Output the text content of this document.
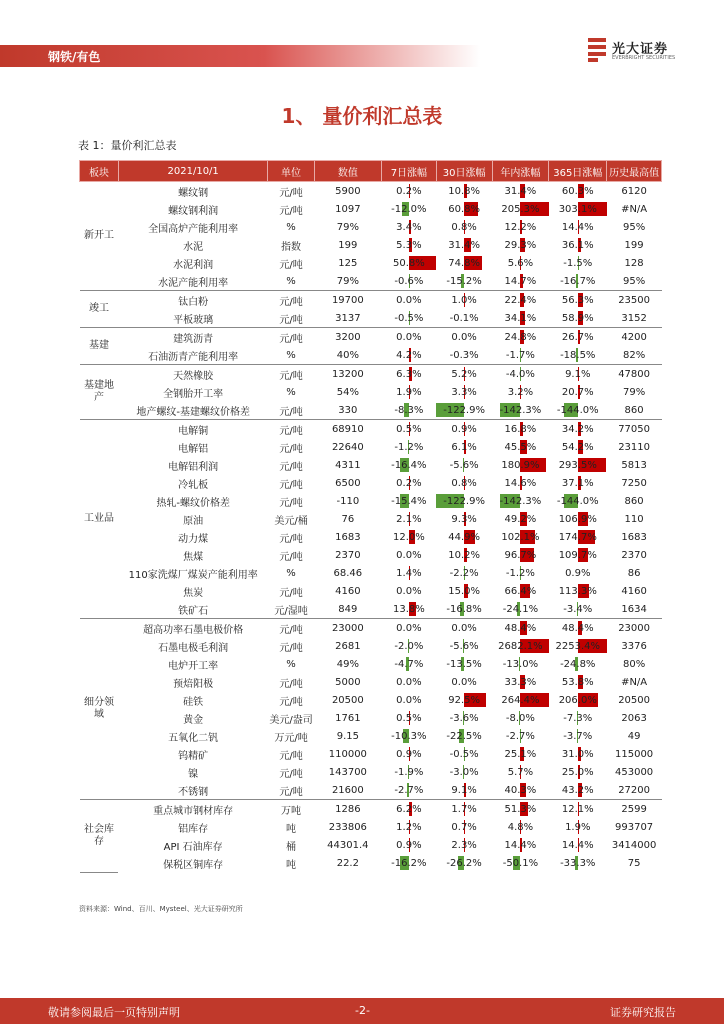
钢铁/有色	光大证券
EVERBRIGHT SECURITIES
1、 量价利汇总表
表 1：量价利汇总表
板块	2021/10/1	单位	数值	7日涨幅	30日涨幅	年内涨幅	365日涨幅	历史最高值
新开工	螺纹钢	元/吨	5900	0.2%	10.8%	31.4%	60.3%	6120
	螺纹钢利润	元/吨	1097	-12.0%	60.8%	205.3%	303.1%	#N/A
	全国高炉产能利用率	%	79%	3.4%	0.8%	12.2%	14.4%	95%
	水泥	指数	199	5.3%	31.4%	29.3%	36.1%	199
	水泥利润	元/吨	125	50.8%	74.8%	5.6%	-1.5%	128
	水泥产能利用率	%	79%	-0.6%	-15.2%	14.7%	-16.7%	95%
竣工	钛白粉	元/吨	19700	0.0%	1.0%	22.4%	56.3%	23500
	平板玻璃	元/吨	3137	-0.5%	-0.1%	34.1%	58.9%	3152
基建	建筑沥青	元/吨	3200	0.0%	0.0%	24.8%	26.7%	4200
	石油沥青产能利用率	%	40%	4.2%	-0.3%	-1.7%	-18.5%	82%
基建地产	天然橡胶	元/吨	13200	6.3%	5.2%	-4.0%	9.1%	47800
	全钢胎开工率	%	54%	1.9%	3.3%	3.2%	20.7%	79%
	地产螺纹-基建螺纹价格差	元/吨	330	-8.3%	-122.9%	-142.3%	-144.0%	860
工业品	电解铜	元/吨	68910	0.5%	0.9%	16.8%	34.2%	77050
	电解铝	元/吨	22640	-1.2%	6.1%	45.5%	54.2%	23110
	电解铝利润	元/吨	4311	-16.4%	-5.6%	180.9%	293.5%	5813
	冷轧板	元/吨	6500	0.2%	0.8%	14.6%	37.1%	7250
	热轧-螺纹价格差	元/吨	-110	-15.4%	-122.9%	-142.3%	-144.0%	860
	原油	美元/桶	76	2.1%	9.3%	49.2%	106.9%	110
	动力煤	元/吨	1683	12.0%	44.9%	102.1%	174.7%	1683
	焦煤	元/吨	2370	0.0%	10.2%	96.7%	109.7%	2370
	110家洗煤厂煤炭产能利用率	%	68.46	1.4%	-2.2%	-1.2%	0.9%	86
	焦炭	元/吨	4160	0.0%	15.0%	66.4%	113.3%	4160
	铁矿石	元/湿吨	849	13.8%	-16.8%	-24.1%	-3.4%	1634
细分领域	超高功率石墨电极价格	元/吨	23000	0.0%	0.0%	48.4%	48.4%	23000
	石墨电极毛利润	元/吨	2681	-2.0%	-5.6%	2682.1%	2253.4%	3376
	电炉开工率	%	49%	-4.7%	-13.5%	-13.0%	-24.8%	80%
	预焙阳极	元/吨	5000	0.0%	0.0%	33.3%	53.8%	#N/A
	硅铁	元/吨	20500	0.0%	92.5%	264.4%	206.0%	20500
	黄金	美元/盎司	1761	0.5%	-3.6%	-8.0%	-7.3%	2063
	五氧化二钒	万元/吨	9.15	-10.3%	-22.5%	-2.7%	-3.7%	49
	钨精矿	元/吨	110000	0.9%	-0.5%	25.1%	31.0%	115000
	镍	元/吨	143700	-1.9%	-3.0%	5.7%	25.0%	453000
	不锈钢	元/吨	21600	-2.7%	9.1%	40.3%	43.2%	27200
社会库存	重点城市钢材库存	万吨	1286	6.2%	1.7%	51.3%	12.1%	2599
	铝库存	吨	233806	1.2%	0.7%	4.8%	1.9%	993707
	API 石油库存	桶	44301.4	0.9%	2.3%	14.4%	14.4%	3414000
	保税区铜库存	吨	22.2	-16.2%	-26.2%	-50.1%	-33.3%	75
资料来源：Wind、百川、Mysteel、光大证券研究所
敬请参阅最后一页特别声明	-2-	证券研究报告
